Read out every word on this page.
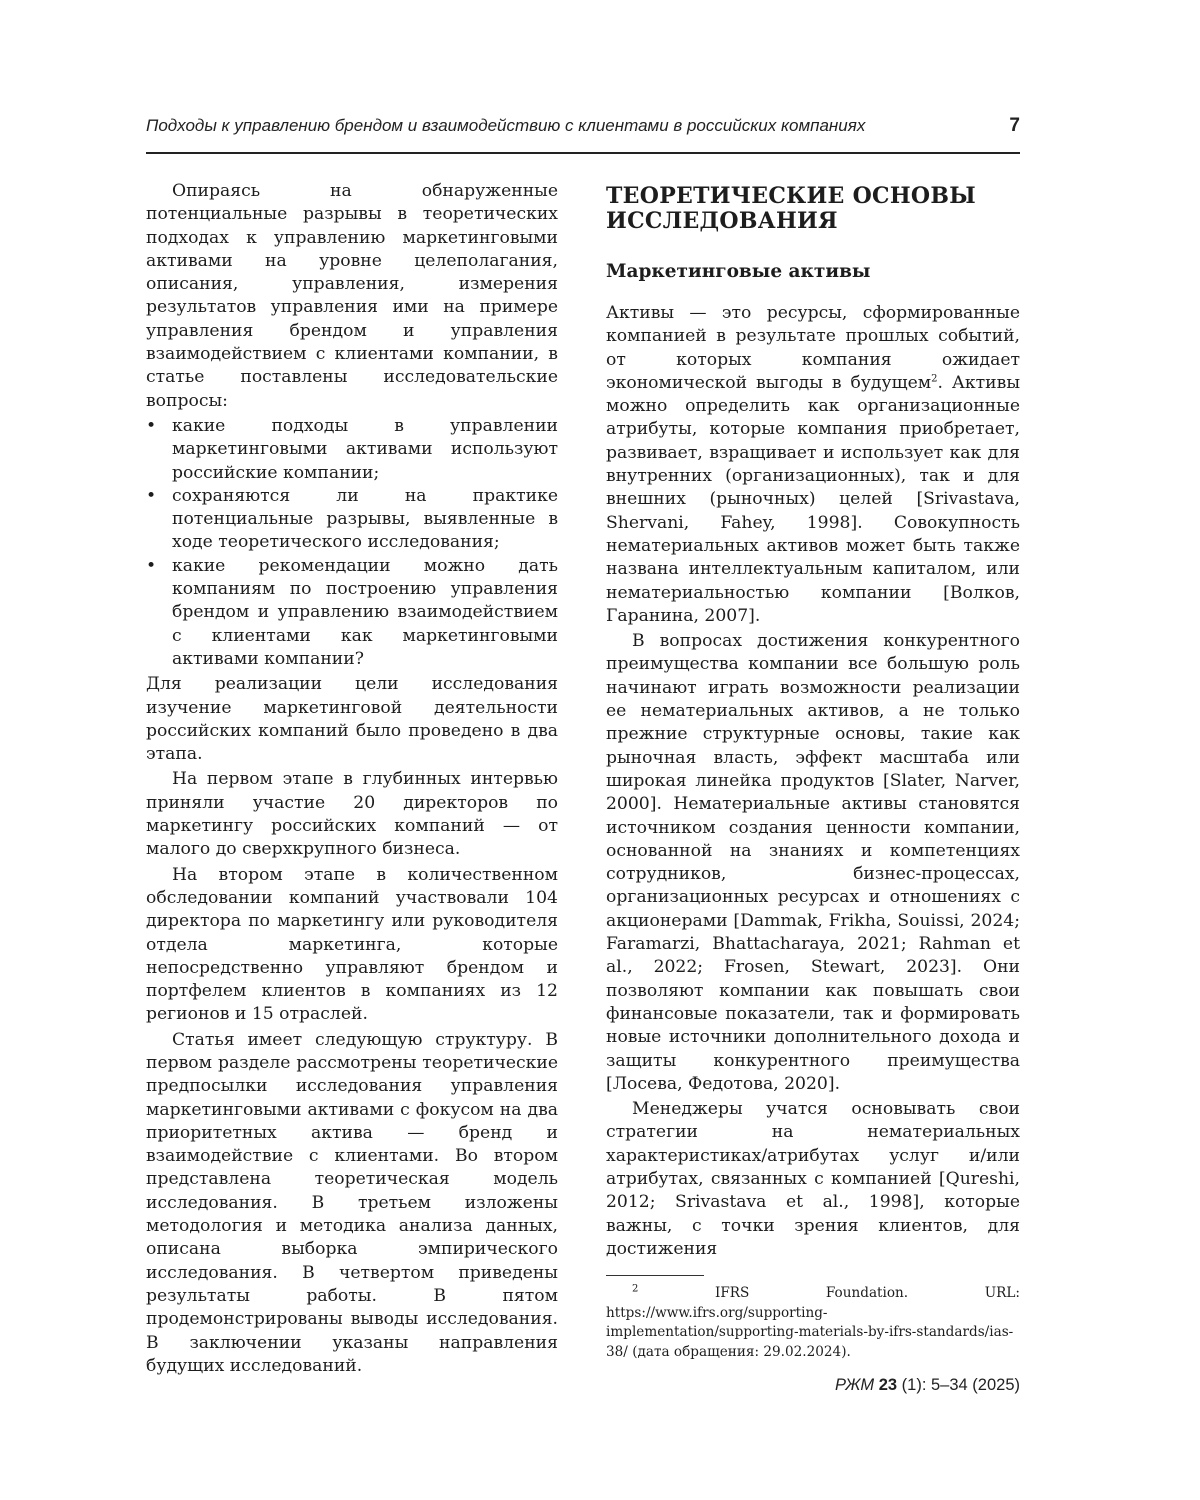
Подходы к управлению брендом и взаимодействию с клиентами в российских компаниях	7

Опираясь на обнаруженные потенциальные разрывы в теоретических подходах к управлению маркетинговыми активами на уровне целеполагания, описания, управления, измерения результатов управления ими на примере управления брендом и управления взаимодействием с клиентами компании, в статье поставлены исследовательские вопросы:

• какие подходы в управлении маркетинговыми активами используют российские компании;
• сохраняются ли на практике потенциальные разрывы, выявленные в ходе теоретического исследования;
• какие рекомендации можно дать компаниям по построению управления брендом и управлению взаимодействием с клиентами как маркетинговыми активами компании?

Для реализации цели исследования изучение маркетинговой деятельности российских компаний было проведено в два этапа.

На первом этапе в глубинных интервью приняли участие 20 директоров по маркетингу российских компаний — от малого до сверхкрупного бизнеса.

На втором этапе в количественном обследовании компаний участвовали 104 директора по маркетингу или руководителя отдела маркетинга, которые непосредственно управляют брендом и портфелем клиентов в компаниях из 12 регионов и 15 отраслей.

Статья имеет следующую структуру. В первом разделе рассмотрены теоретические предпосылки исследования управления маркетинговыми активами с фокусом на два приоритетных актива — бренд и взаимодействие с клиентами. Во втором представлена теоретическая модель исследования. В третьем изложены методология и методика анализа данных, описана выборка эмпирического исследования. В четвертом приведены результаты работы. В пятом продемонстрированы выводы исследования. В заключении указаны направления будущих исследований.

ТЕОРЕТИЧЕСКИЕ ОСНОВЫ ИССЛЕДОВАНИЯ
Маркетинговые активы

Активы — это ресурсы, сформированные компанией в результате прошлых событий, от которых компания ожидает экономической выгоды в будущем$^2$. Активы можно определить как организационные атрибуты, которые компания приобретает, развивает, взращивает и использует как для внутренних (организационных), так и для внешних (рыночных) целей [Srivastava, Shervani, Fahey, 1998]. Совокупность нематериальных активов может быть также названа интеллектуальным капиталом, или нематериальностью компании [Волков, Гаранина, 2007].

В вопросах достижения конкурентного преимущества компании все большую роль начинают играть возможности реализации ее нематериальных активов, а не только прежние структурные основы, такие как рыночная власть, эффект масштаба или широкая линейка продуктов [Slater, Narver, 2000]. Нематериальные активы становятся источником создания ценности компании, основанной на знаниях и компетенциях сотрудников, бизнес-процессах, организационных ресурсах и отношениях с акционерами [Dammak, Frikha, Souissi, 2024; Faramarzi, Bhattacharaya, 2021; Rahman et al., 2022; Frosen, Stewart, 2023]. Они позволяют компании как повышать свои финансовые показатели, так и формировать новые источники дополнительного дохода и защиты конкурентного преимущества [Лосева, Федотова, 2020].

Менеджеры учатся основывать свои стратегии на нематериальных характеристиках/атрибутах услуг и/или атрибутах, связанных с компанией [Qureshi, 2012; Srivastava et al., 1998], которые важны, с точки зрения клиентов, для достижения

$^2$ IFRS Foundation. URL: https://www.ifrs.org/supporting-implementation/supporting-materials-by-ifrs-standards/ias-38/ (дата обращения: 29.02.2024).

РЖМ 23 (1): 5–34 (2025)
